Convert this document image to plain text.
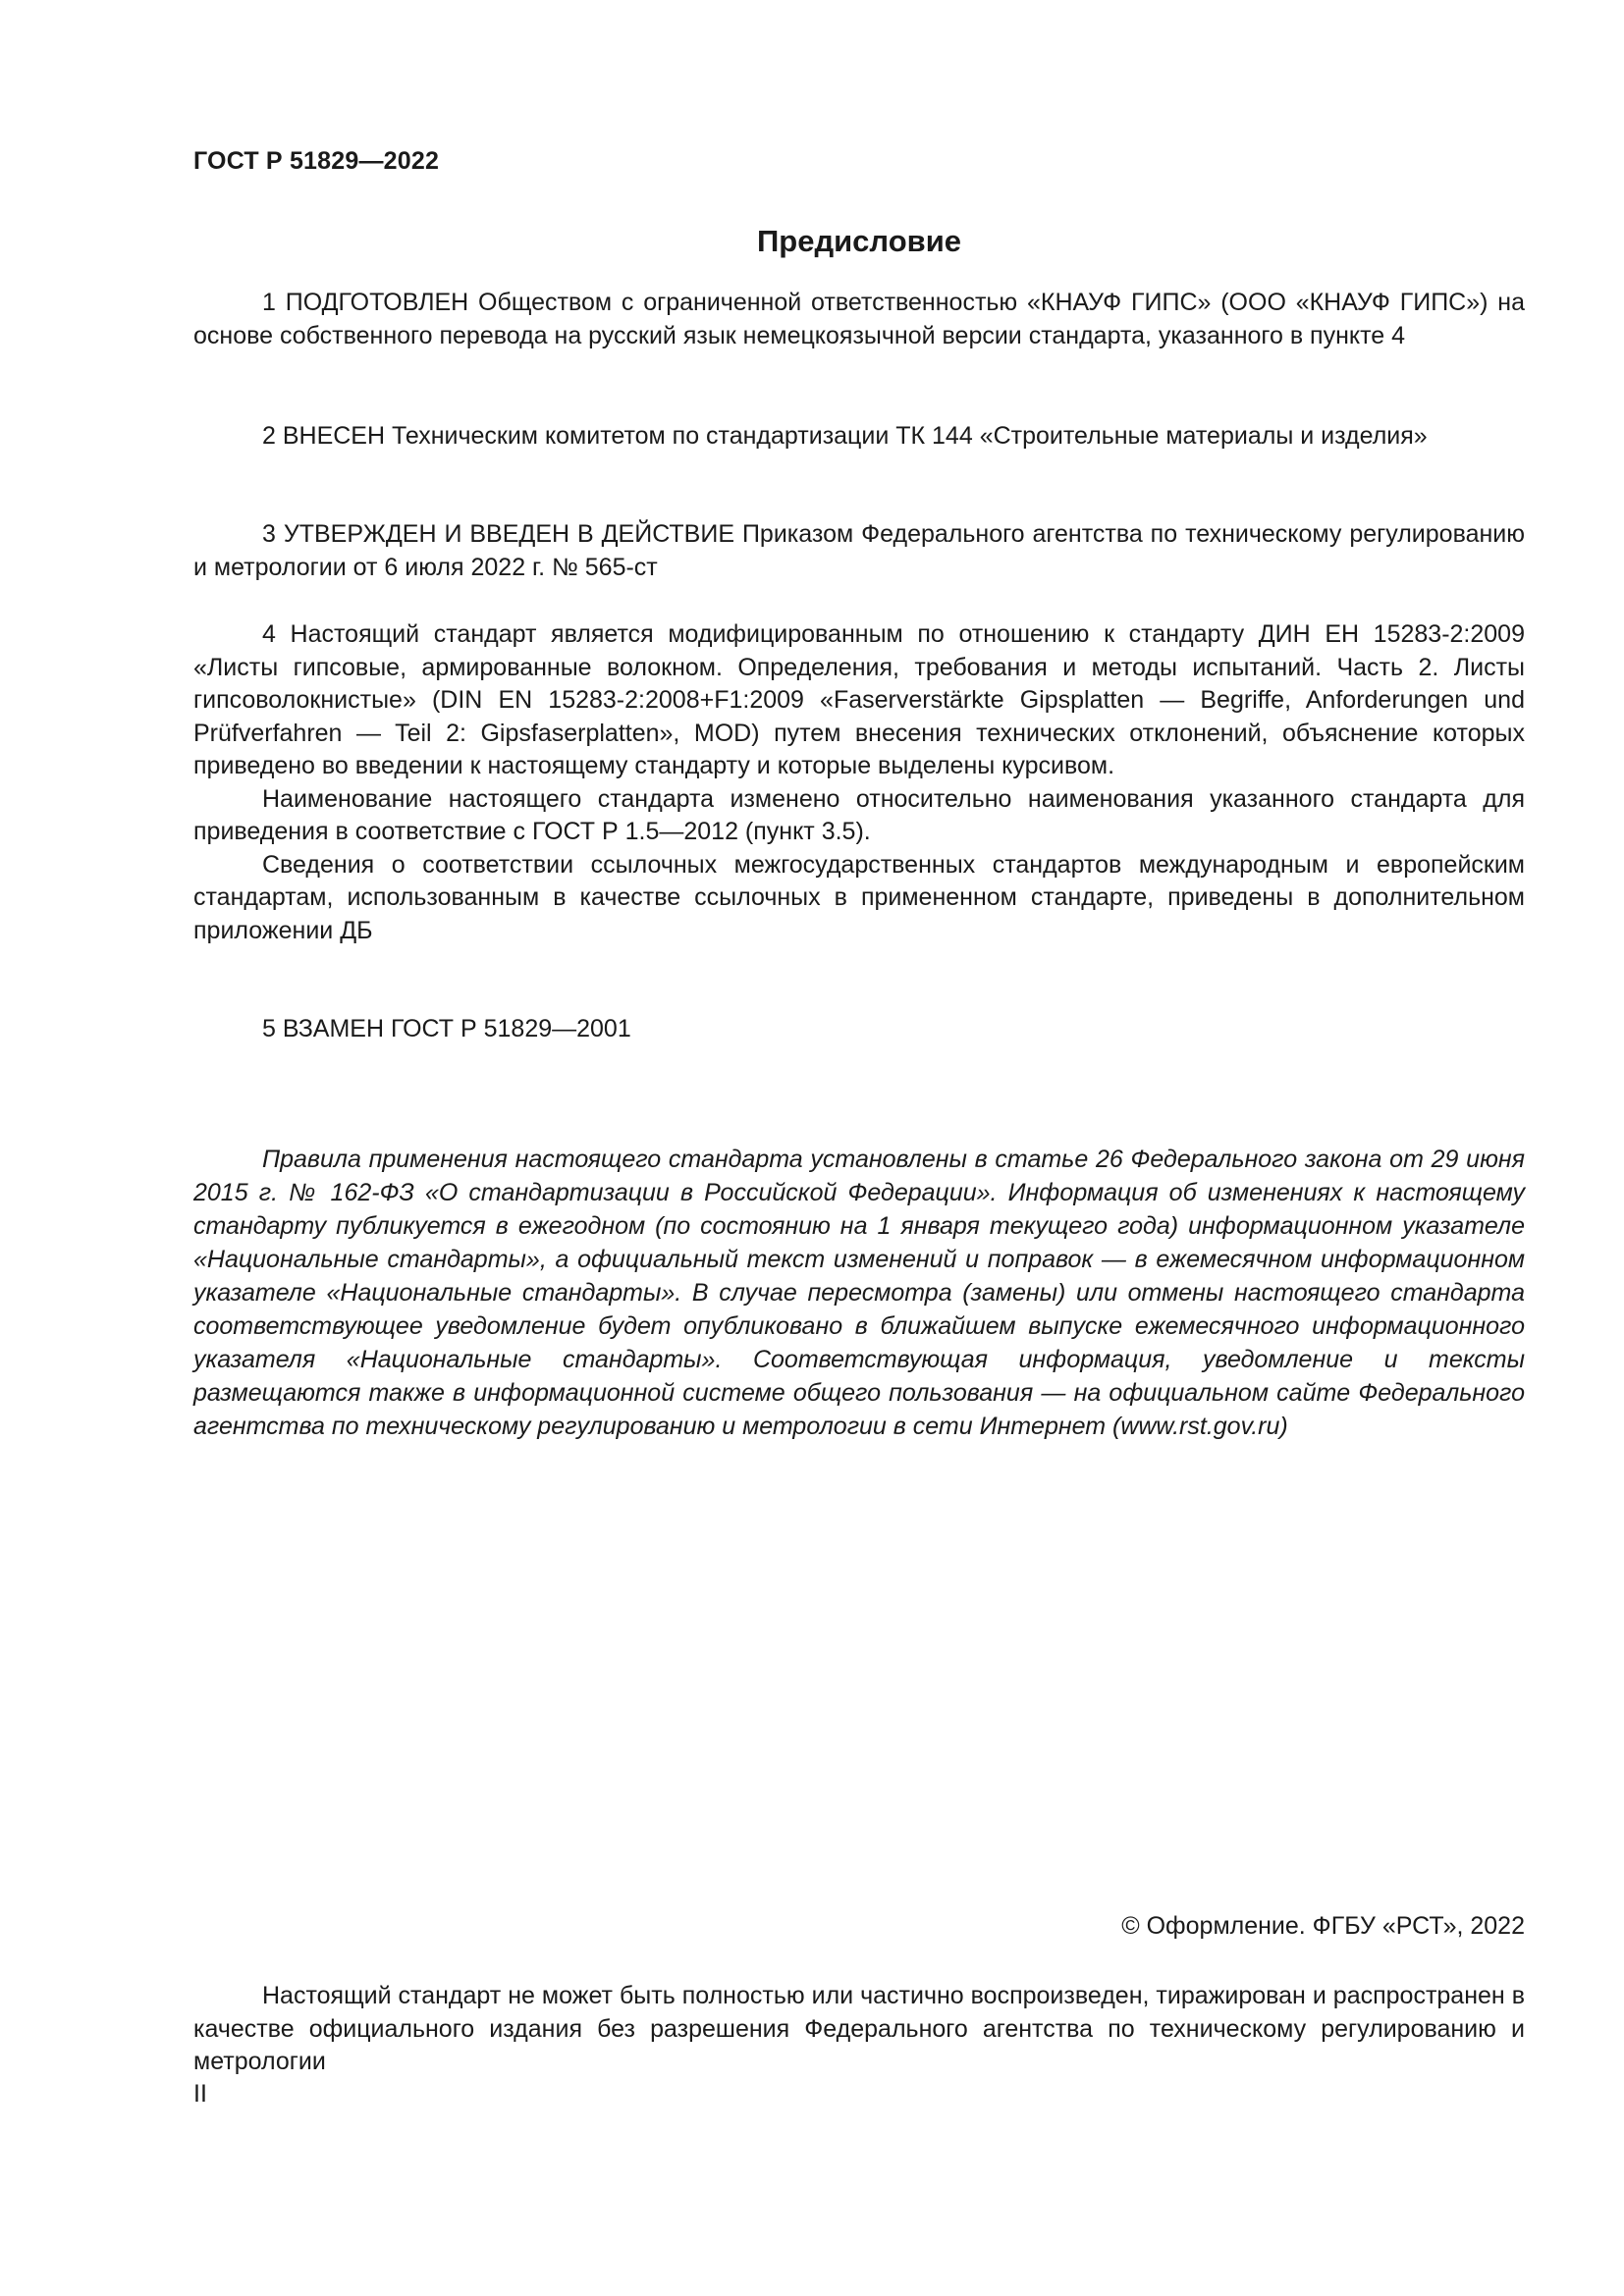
ГОСТ Р 51829—2022
Предисловие

1 ПОДГОТОВЛЕН Обществом с ограниченной ответственностью «КНАУФ ГИПС» (ООО «КНАУФ ГИПС») на основе собственного перевода на русский язык немецкоязычной версии стандарта, указанного в пункте 4

2 ВНЕСЕН Техническим комитетом по стандартизации ТК 144 «Строительные материалы и изделия»

3 УТВЕРЖДЕН И ВВЕДЕН В ДЕЙСТВИЕ Приказом Федерального агентства по техническому регулированию и метрологии от 6 июля 2022 г. № 565-ст

4 Настоящий стандарт является модифицированным по отношению к стандарту ДИН ЕН 15283-2:2009 «Листы гипсовые, армированные волокном. Определения, требования и методы испытаний. Часть 2. Листы гипсоволокнистые» (DIN EN 15283-2:2008+F1:2009 «Faserverstärkte Gipsplatten — Begriffe, Anforderungen und Prüfverfahren — Teil 2: Gipsfaserplatten», MOD) путем внесения технических отклонений, объяснение которых приведено во введении к настоящему стандарту и которые выделены курсивом.

Наименование настоящего стандарта изменено относительно наименования указанного стандарта для приведения в соответствие с ГОСТ Р 1.5—2012 (пункт 3.5).

Сведения о соответствии ссылочных межгосударственных стандартов международным и европейским стандартам, использованным в качестве ссылочных в примененном стандарте, приведены в дополнительном приложении ДБ

5 ВЗАМЕН ГОСТ Р 51829—2001

Правила применения настоящего стандарта установлены в статье 26 Федерального закона от 29 июня 2015 г. № 162-ФЗ «О стандартизации в Российской Федерации». Информация об изменениях к настоящему стандарту публикуется в ежегодном (по состоянию на 1 января текущего года) информационном указателе «Национальные стандарты», а официальный текст изменений и поправок — в ежемесячном информационном указателе «Национальные стандарты». В случае пересмотра (замены) или отмены настоящего стандарта соответствующее уведомление будет опубликовано в ближайшем выпуске ежемесячного информационного указателя «Национальные стандарты». Соответствующая информация, уведомление и тексты размещаются также в информационной системе общего пользования — на официальном сайте Федерального агентства по техническому регулированию и метрологии в сети Интернет (www.rst.gov.ru)

© Оформление. ФГБУ «РСТ», 2022

Настоящий стандарт не может быть полностью или частично воспроизведен, тиражирован и распространен в качестве официального издания без разрешения Федерального агентства по техническому регулированию и метрологии

II
